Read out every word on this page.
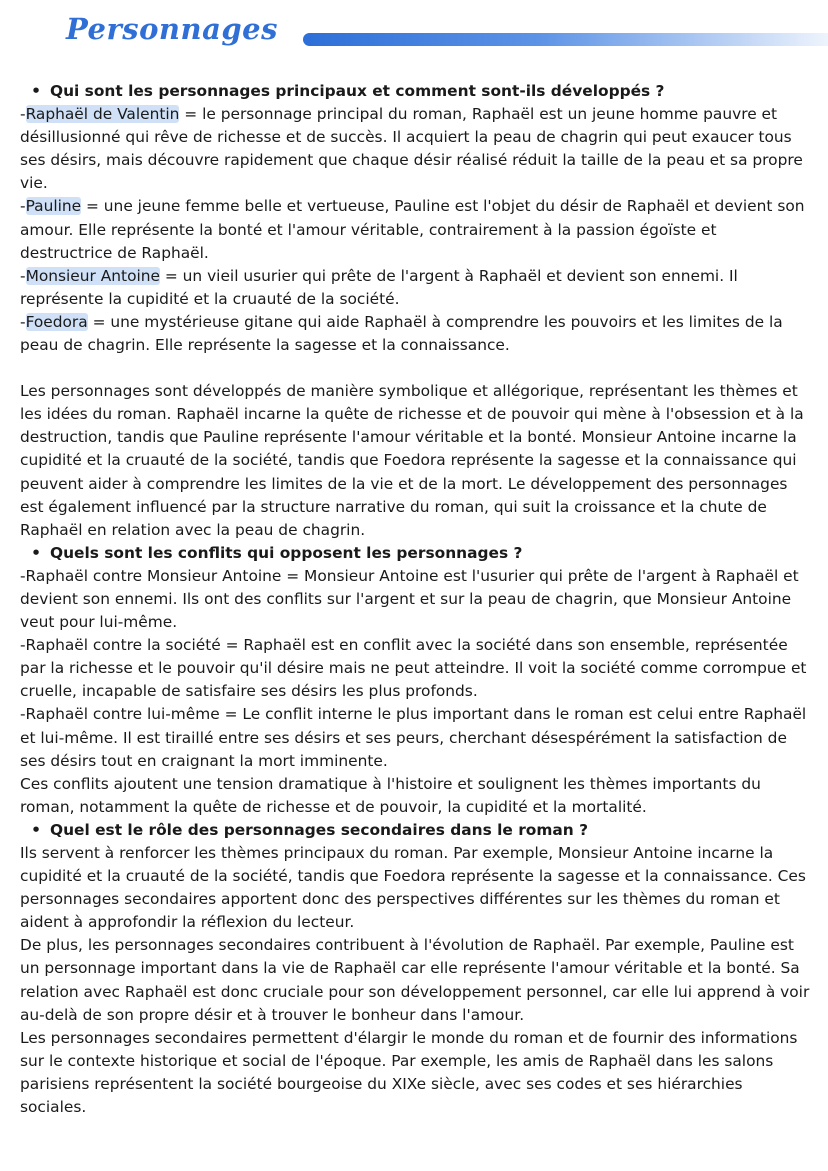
Personnages
• Qui sont les personnages principaux et comment sont-ils développés ?

-Raphaël de Valentin = le personnage principal du roman, Raphaël est un jeune homme pauvre et désillusionné qui rêve de richesse et de succès. Il acquiert la peau de chagrin qui peut exaucer tous ses désirs, mais découvre rapidement que chaque désir réalisé réduit la taille de la peau et sa propre vie.

-Pauline = une jeune femme belle et vertueuse, Pauline est l'objet du désir de Raphaël et devient son amour. Elle représente la bonté et l'amour véritable, contrairement à la passion égoïste et destructrice de Raphaël.

-Monsieur Antoine = un vieil usurier qui prête de l'argent à Raphaël et devient son ennemi. Il représente la cupidité et la cruauté de la société.

-Foedora = une mystérieuse gitane qui aide Raphaël à comprendre les pouvoirs et les limites de la peau de chagrin. Elle représente la sagesse et la connaissance.

Les personnages sont développés de manière symbolique et allégorique, représentant les thèmes et les idées du roman. Raphaël incarne la quête de richesse et de pouvoir qui mène à l'obsession et à la destruction, tandis que Pauline représente l'amour véritable et la bonté. Monsieur Antoine incarne la cupidité et la cruauté de la société, tandis que Foedora représente la sagesse et la connaissance qui peuvent aider à comprendre les limites de la vie et de la mort. Le développement des personnages est également influencé par la structure narrative du roman, qui suit la croissance et la chute de Raphaël en relation avec la peau de chagrin.

• Quels sont les conflits qui opposent les personnages ?

-Raphaël contre Monsieur Antoine = Monsieur Antoine est l'usurier qui prête de l'argent à Raphaël et devient son ennemi. Ils ont des conflits sur l'argent et sur la peau de chagrin, que Monsieur Antoine veut pour lui-même.

-Raphaël contre la société = Raphaël est en conflit avec la société dans son ensemble, représentée par la richesse et le pouvoir qu'il désire mais ne peut atteindre. Il voit la société comme corrompue et cruelle, incapable de satisfaire ses désirs les plus profonds.

-Raphaël contre lui-même = Le conflit interne le plus important dans le roman est celui entre Raphaël et lui-même. Il est tiraillé entre ses désirs et ses peurs, cherchant désespérément la satisfaction de ses désirs tout en craignant la mort imminente.

Ces conflits ajoutent une tension dramatique à l'histoire et soulignent les thèmes importants du roman, notamment la quête de richesse et de pouvoir, la cupidité et la mortalité.

• Quel est le rôle des personnages secondaires dans le roman ?

Ils servent à renforcer les thèmes principaux du roman. Par exemple, Monsieur Antoine incarne la cupidité et la cruauté de la société, tandis que Foedora représente la sagesse et la connaissance. Ces personnages secondaires apportent donc des perspectives différentes sur les thèmes du roman et aident à approfondir la réflexion du lecteur.

De plus, les personnages secondaires contribuent à l'évolution de Raphaël. Par exemple, Pauline est un personnage important dans la vie de Raphaël car elle représente l'amour véritable et la bonté. Sa relation avec Raphaël est donc cruciale pour son développement personnel, car elle lui apprend à voir au-delà de son propre désir et à trouver le bonheur dans l'amour.

Les personnages secondaires permettent d'élargir le monde du roman et de fournir des informations sur le contexte historique et social de l'époque. Par exemple, les amis de Raphaël dans les salons parisiens représentent la société bourgeoise du XIXe siècle, avec ses codes et ses hiérarchies sociales.
